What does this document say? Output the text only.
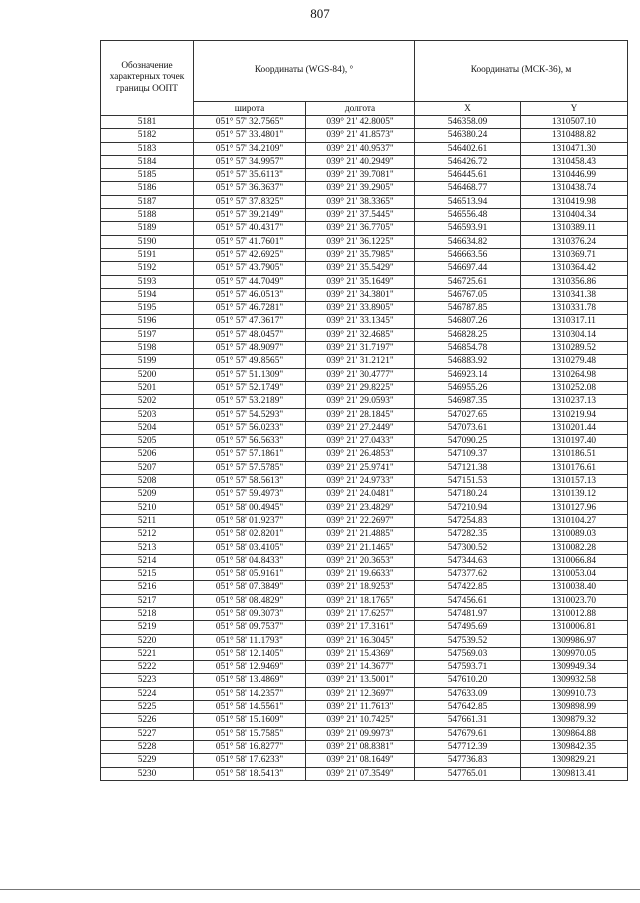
807
Обозначение характерных точек границы ООПТ	Координаты (WGS-84), °		Координаты (МСК-36), м	
	широта	долгота	X	Y
5181	051° 57' 32.7565"	039° 21' 42.8005"	546358.09	1310507.10
5182	051° 57' 33.4801"	039° 21' 41.8573"	546380.24	1310488.82
5183	051° 57' 34.2109"	039° 21' 40.9537"	546402.61	1310471.30
5184	051° 57' 34.9957"	039° 21' 40.2949"	546426.72	1310458.43
5185	051° 57' 35.6113"	039° 21' 39.7081"	546445.61	1310446.99
5186	051° 57' 36.3637"	039° 21' 39.2905"	546468.77	1310438.74
5187	051° 57' 37.8325"	039° 21' 38.3365"	546513.94	1310419.98
5188	051° 57' 39.2149"	039° 21' 37.5445"	546556.48	1310404.34
5189	051° 57' 40.4317"	039° 21' 36.7705"	546593.91	1310389.11
5190	051° 57' 41.7601"	039° 21' 36.1225"	546634.82	1310376.24
5191	051° 57' 42.6925"	039° 21' 35.7985"	546663.56	1310369.71
5192	051° 57' 43.7905"	039° 21' 35.5429"	546697.44	1310364.42
5193	051° 57' 44.7049"	039° 21' 35.1649"	546725.61	1310356.86
5194	051° 57' 46.0513"	039° 21' 34.3801"	546767.05	1310341.38
5195	051° 57' 46.7281"	039° 21' 33.8905"	546787.85	1310331.78
5196	051° 57' 47.3617"	039° 21' 33.1345"	546807.26	1310317.11
5197	051° 57' 48.0457"	039° 21' 32.4685"	546828.25	1310304.14
5198	051° 57' 48.9097"	039° 21' 31.7197"	546854.78	1310289.52
5199	051° 57' 49.8565"	039° 21' 31.2121"	546883.92	1310279.48
5200	051° 57' 51.1309"	039° 21' 30.4777"	546923.14	1310264.98
5201	051° 57' 52.1749"	039° 21' 29.8225"	546955.26	1310252.08
5202	051° 57' 53.2189"	039° 21' 29.0593"	546987.35	1310237.13
5203	051° 57' 54.5293"	039° 21' 28.1845"	547027.65	1310219.94
5204	051° 57' 56.0233"	039° 21' 27.2449"	547073.61	1310201.44
5205	051° 57' 56.5633"	039° 21' 27.0433"	547090.25	1310197.40
5206	051° 57' 57.1861"	039° 21' 26.4853"	547109.37	1310186.51
5207	051° 57' 57.5785"	039° 21' 25.9741"	547121.38	1310176.61
5208	051° 57' 58.5613"	039° 21' 24.9733"	547151.53	1310157.13
5209	051° 57' 59.4973"	039° 21' 24.0481"	547180.24	1310139.12
5210	051° 58' 00.4945"	039° 21' 23.4829"	547210.94	1310127.96
5211	051° 58' 01.9237"	039° 21' 22.2697"	547254.83	1310104.27
5212	051° 58' 02.8201"	039° 21' 21.4885"	547282.35	1310089.03
5213	051° 58' 03.4105"	039° 21' 21.1465"	547300.52	1310082.28
5214	051° 58' 04.8433"	039° 21' 20.3653"	547344.63	1310066.84
5215	051° 58' 05.9161"	039° 21' 19.6633"	547377.62	1310053.04
5216	051° 58' 07.3849"	039° 21' 18.9253"	547422.85	1310038.40
5217	051° 58' 08.4829"	039° 21' 18.1765"	547456.61	1310023.70
5218	051° 58' 09.3073"	039° 21' 17.6257"	547481.97	1310012.88
5219	051° 58' 09.7537"	039° 21' 17.3161"	547495.69	1310006.81
5220	051° 58' 11.1793"	039° 21' 16.3045"	547539.52	1309986.97
5221	051° 58' 12.1405"	039° 21' 15.4369"	547569.03	1309970.05
5222	051° 58' 12.9469"	039° 21' 14.3677"	547593.71	1309949.34
5223	051° 58' 13.4869"	039° 21' 13.5001"	547610.20	1309932.58
5224	051° 58' 14.2357"	039° 21' 12.3697"	547633.09	1309910.73
5225	051° 58' 14.5561"	039° 21' 11.7613"	547642.85	1309898.99
5226	051° 58' 15.1609"	039° 21' 10.7425"	547661.31	1309879.32
5227	051° 58' 15.7585"	039° 21' 09.9973"	547679.61	1309864.88
5228	051° 58' 16.8277"	039° 21' 08.8381"	547712.39	1309842.35
5229	051° 58' 17.6233"	039° 21' 08.1649"	547736.83	1309829.21
5230	051° 58' 18.5413"	039° 21' 07.3549"	547765.01	1309813.41
